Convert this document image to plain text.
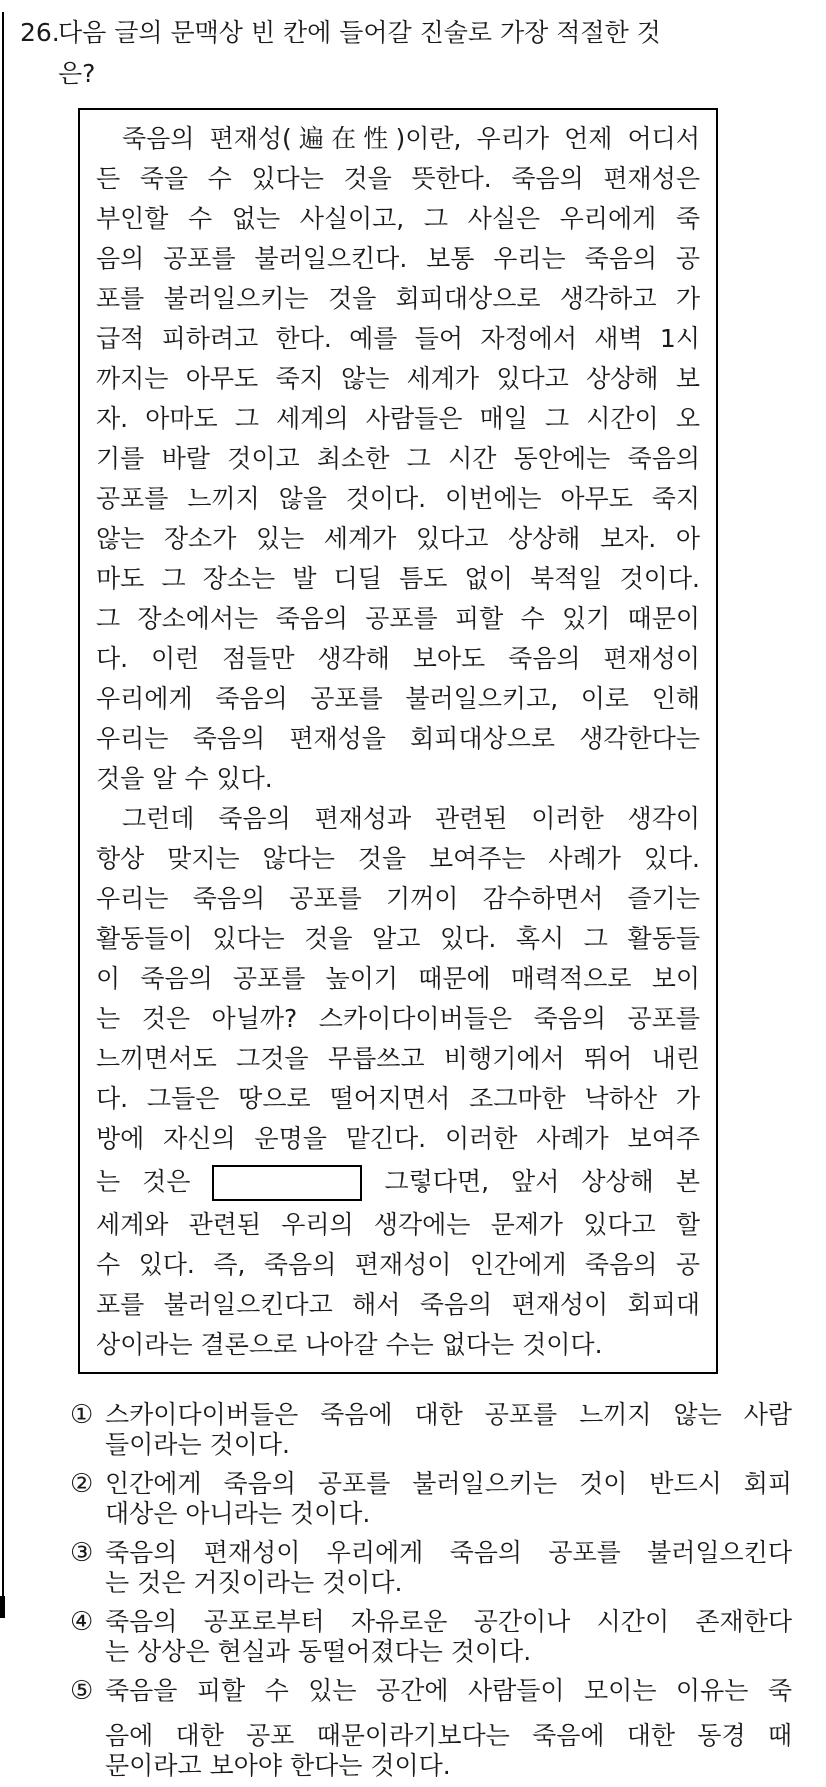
26.
다음 글의 문맥상 빈 칸에 들어갈 진술로 가장 적절한 것
은?
죽음의 편재성(遍在性)이란, 우리가 언제 어디서
든 죽을 수 있다는 것을 뜻한다. 죽음의 편재성은
부인할 수 없는 사실이고, 그 사실은 우리에게 죽
음의 공포를 불러일으킨다. 보통 우리는 죽음의 공
포를 불러일으키는 것을 회피대상으로 생각하고 가
급적 피하려고 한다. 예를 들어 자정에서 새벽 1시
까지는 아무도 죽지 않는 세계가 있다고 상상해 보
자. 아마도 그 세계의 사람들은 매일 그 시간이 오
기를 바랄 것이고 최소한 그 시간 동안에는 죽음의
공포를 느끼지 않을 것이다. 이번에는 아무도 죽지
않는 장소가 있는 세계가 있다고 상상해 보자. 아
마도 그 장소는 발 디딜 틈도 없이 북적일 것이다.
그 장소에서는 죽음의 공포를 피할 수 있기 때문이
다. 이런 점들만 생각해 보아도 죽음의 편재성이
우리에게 죽음의 공포를 불러일으키고, 이로 인해
우리는 죽음의 편재성을 회피대상으로 생각한다는
것을 알 수 있다.
그런데 죽음의 편재성과 관련된 이러한 생각이
항상 맞지는 않다는 것을 보여주는 사례가 있다.
우리는 죽음의 공포를 기꺼이 감수하면서 즐기는
활동들이 있다는 것을 알고 있다. 혹시 그 활동들
이 죽음의 공포를 높이기 때문에 매력적으로 보이
는 것은 아닐까? 스카이다이버들은 죽음의 공포를
느끼면서도 그것을 무릅쓰고 비행기에서 뛰어 내린
다. 그들은 땅으로 떨어지면서 조그마한 낙하산 가
방에 자신의 운명을 맡긴다. 이러한 사례가 보여주
는 것은	그렇다면, 앞서 상상해 본
세계와 관련된 우리의 생각에는 문제가 있다고 할
수 있다. 즉, 죽음의 편재성이 인간에게 죽음의 공
포를 불러일으킨다고 해서 죽음의 편재성이 회피대
상이라는 결론으로 나아갈 수는 없다는 것이다.
① 스카이다이버들은 죽음에 대한 공포를 느끼지 않는 사람
들이라는 것이다.
② 인간에게 죽음의 공포를 불러일으키는 것이 반드시 회피
대상은 아니라는 것이다.
③ 죽음의 편재성이 우리에게 죽음의 공포를 불러일으킨다
는 것은 거짓이라는 것이다.
④ 죽음의 공포로부터 자유로운 공간이나 시간이 존재한다
는 상상은 현실과 동떨어졌다는 것이다.
⑤ 죽음을 피할 수 있는 공간에 사람들이 모이는 이유는 죽
음에 대한 공포 때문이라기보다는 죽음에 대한 동경 때
문이라고 보아야 한다는 것이다.
